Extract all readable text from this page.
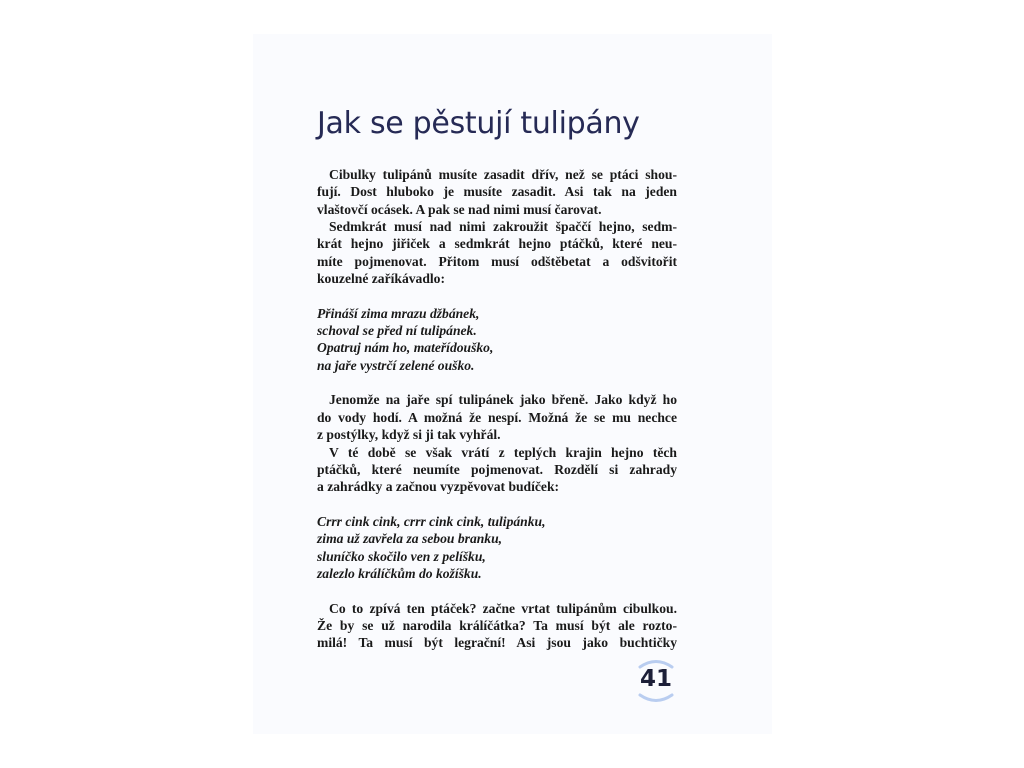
Jak se pěstují tulipány
Cibulky tulipánů musíte zasadit dřív, než se ptáci shou-
fují. Dost hluboko je musíte zasadit. Asi tak na jeden
vlaštovčí ocásek. A pak se nad nimi musí čarovat.
Sedmkrát musí nad nimi zakroužit špaččí hejno, sedm-
krát hejno jiřiček a sedmkrát hejno ptáčků, které neu-
míte pojmenovat. Přitom musí odštěbetat a odšvitořit
kouzelné zaříkávadlo:
Přináší zima mrazu džbánek,
schoval se před ní tulipánek.
Opatruj nám ho, mateřídouško,
na jaře vystrčí zelené ouško.
Jenomže na jaře spí tulipánek jako břeně. Jako když ho
do vody hodí. A možná že nespí. Možná že se mu nechce
z postýlky, když si ji tak vyhřál.
V té době se však vrátí z teplých krajin hejno těch
ptáčků, které neumíte pojmenovat. Rozdělí si zahrady
a zahrádky a začnou vyzpěvovat budíček:
Crrr cink cink, crrr cink cink, tulipánku,
zima už zavřela za sebou branku,
sluníčko skočilo ven z pelíšku,
zalezlo králíčkům do kožíšku.
Co to zpívá ten ptáček? začne vrtat tulipánům cibulkou.
Že by se už narodila králíčátka? Ta musí být ale rozto-
milá! Ta musí být legrační! Asi jsou jako buchtičky
41
